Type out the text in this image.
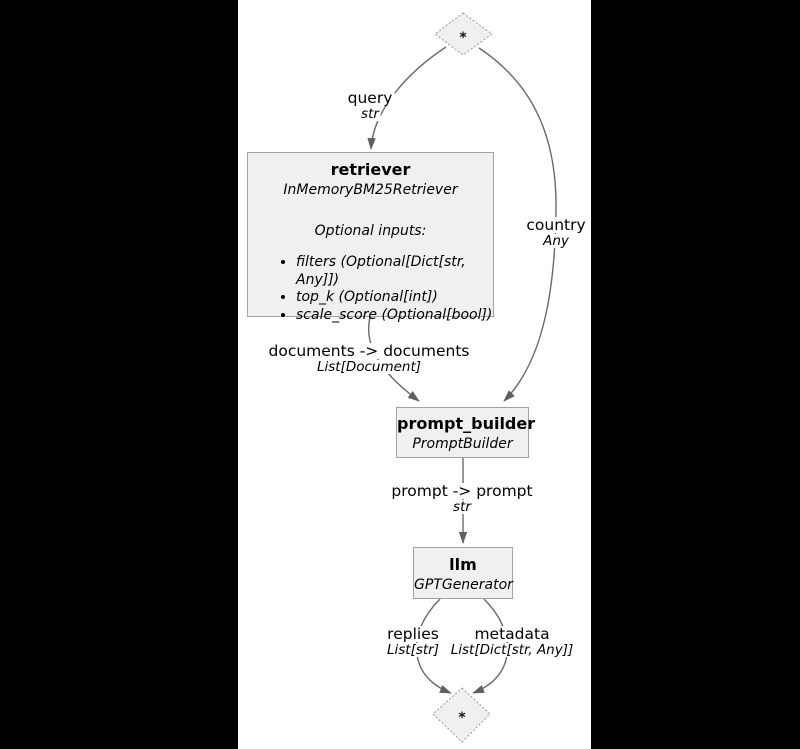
*
*
query
str
country
Any
documents -> documents
List[Document]
prompt -> prompt
str
replies
List[str]
metadata
List[Dict[str, Any]]
retriever
InMemoryBM25Retriever
Optional inputs:
• filters (Optional[Dict[str, Any]])
• top_k (Optional[int])
• scale_score (Optional[bool])
prompt_builder
PromptBuilder
llm
GPTGenerator
